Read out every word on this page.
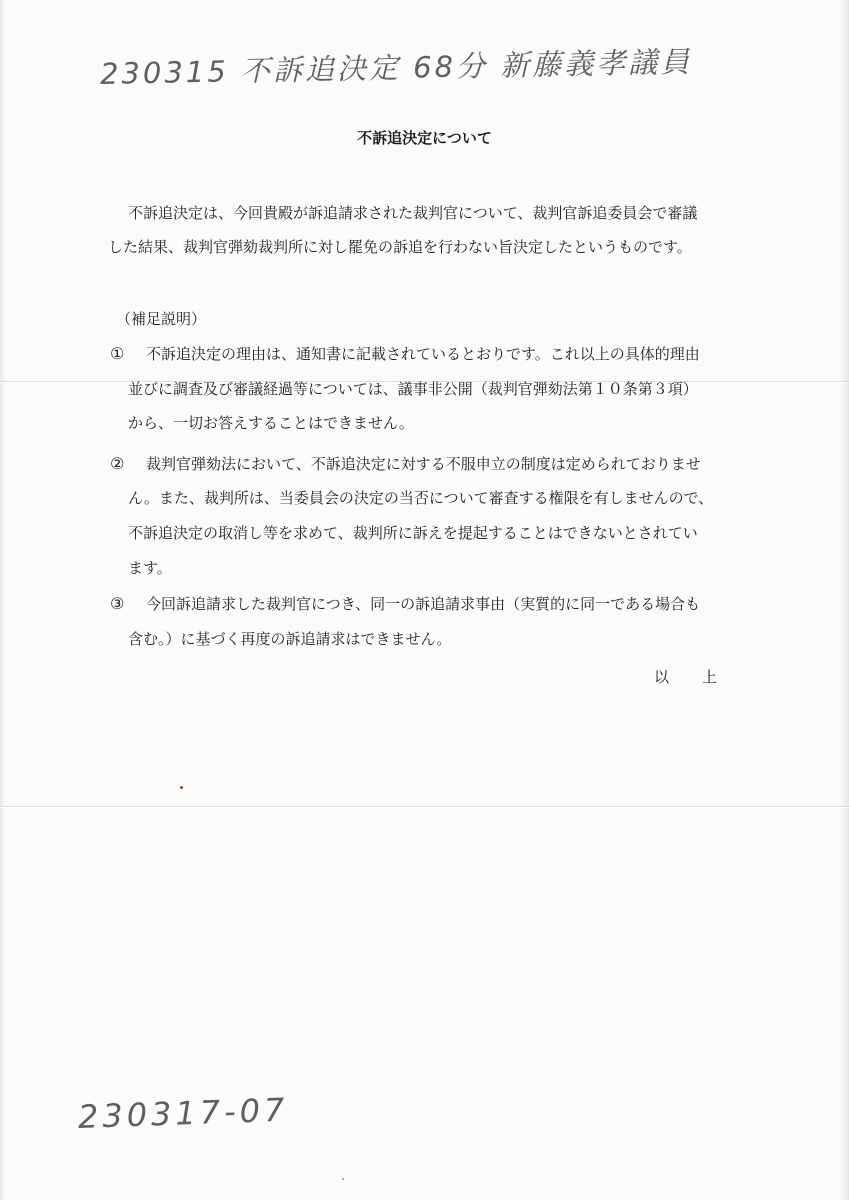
230315 不訴追決定 68分 新藤義孝議員
不訴追決定について
不訴追決定は、今回貴殿が訴追請求された裁判官について、裁判官訴追委員会で審議
した結果、裁判官弾劾裁判所に対し罷免の訴追を行わない旨決定したというものです。
（補足説明）
① 不訴追決定の理由は、通知書に記載されているとおりです。これ以上の具体的理由
並びに調査及び審議経過等については、議事非公開（裁判官弾劾法第１０条第３項）
から、一切お答えすることはできません。
② 裁判官弾劾法において、不訴追決定に対する不服申立の制度は定められておりませ
ん。また、裁判所は、当委員会の決定の当否について審査する権限を有しませんので、
不訴追決定の取消し等を求めて、裁判所に訴えを提起することはできないとされてい
ます。
③ 今回訴追請求した裁判官につき、同一の訴追請求事由（実質的に同一である場合も
含む。）に基づく再度の訴追請求はできません。
以上
230317-07
